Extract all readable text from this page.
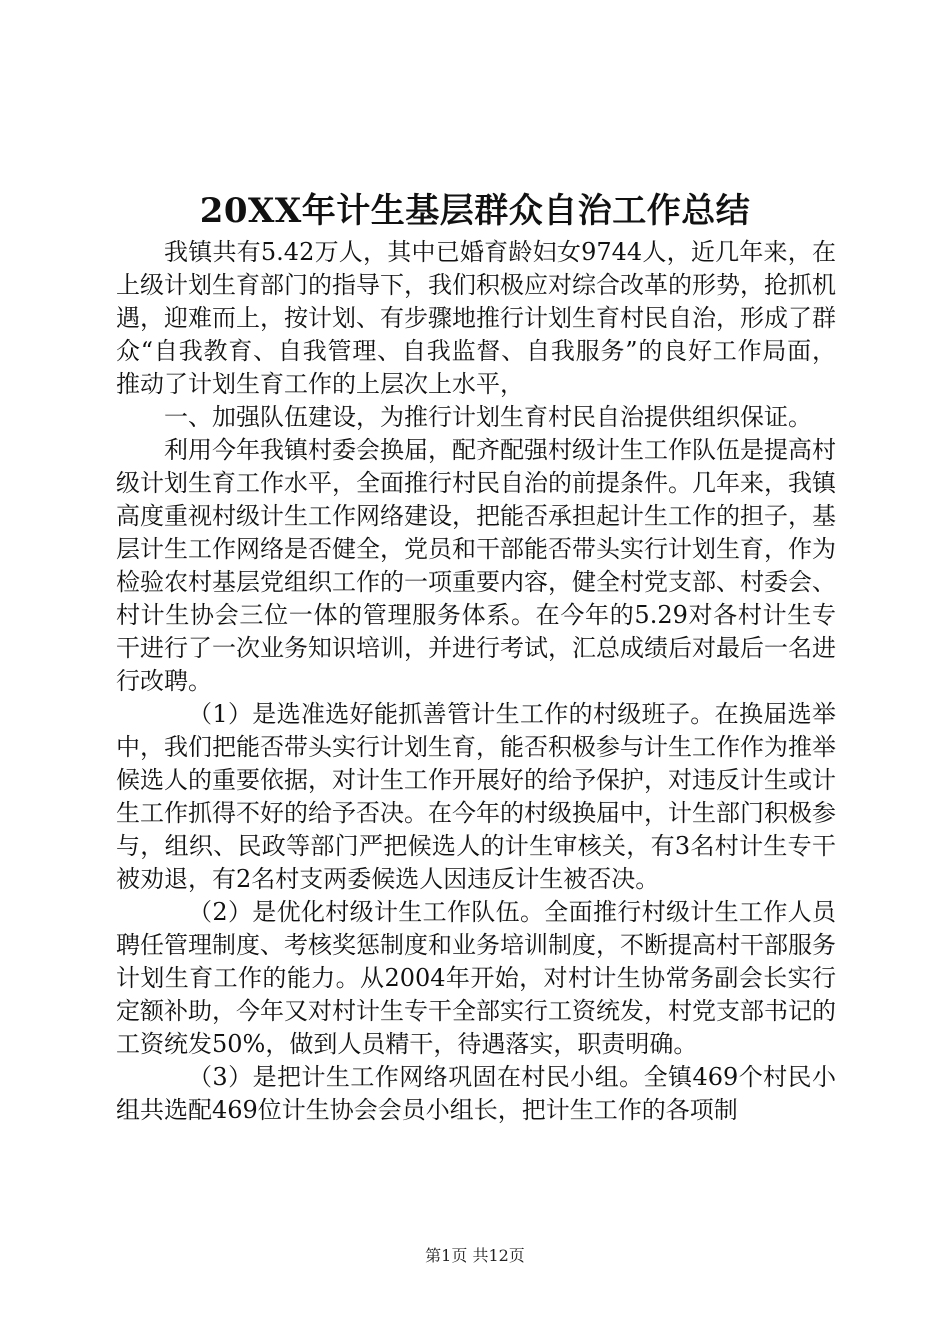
20XX年计生基层群众自治工作总结

我镇共有5.42万人，其中已婚育龄妇女9744人，近几年来，在上级计划生育部门的指导下，我们积极应对综合改革的形势，抢抓机遇，迎难而上，按计划、有步骤地推行计划生育村民自治，形成了群众“自我教育、自我管理、自我监督、自我服务”的良好工作局面，推动了计划生育工作的上层次上水平，

一、加强队伍建设，为推行计划生育村民自治提供组织保证。

利用今年我镇村委会换届，配齐配强村级计生工作队伍是提高村级计划生育工作水平，全面推行村民自治的前提条件。几年来，我镇高度重视村级计生工作网络建设，把能否承担起计生工作的担子，基层计生工作网络是否健全，党员和干部能否带头实行计划生育，作为检验农村基层党组织工作的一项重要内容，健全村党支部、村委会、村计生协会三位一体的管理服务体系。在今年的5.29对各村计生专干进行了一次业务知识培训，并进行考试，汇总成绩后对最后一名进行改聘。

（1）是选准选好能抓善管计生工作的村级班子。在换届选举中，我们把能否带头实行计划生育，能否积极参与计生工作作为推举候选人的重要依据，对计生工作开展好的给予保护，对违反计生或计生工作抓得不好的给予否决。在今年的村级换届中，计生部门积极参与，组织、民政等部门严把候选人的计生审核关，有3名村计生专干被劝退，有2名村支两委候选人因违反计生被否决。

（2）是优化村级计生工作队伍。全面推行村级计生工作人员聘任管理制度、考核奖惩制度和业务培训制度，不断提高村干部服务计划生育工作的能力。从2004年开始，对村计生协常务副会长实行定额补助，今年又对村计生专干全部实行工资统发，村党支部书记的工资统发50%，做到人员精干，待遇落实，职责明确。

（3）是把计生工作网络巩固在村民小组。全镇469个村民小组共选配469位计生协会会员小组长，把计生工作的各项制

第1页 共12页
